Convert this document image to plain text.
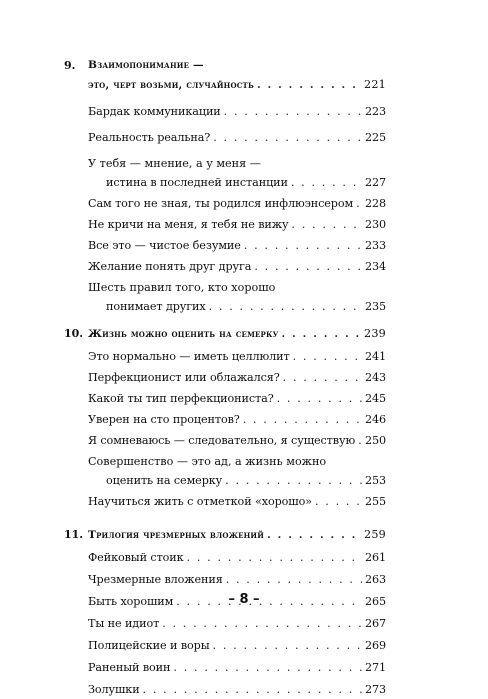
9.	Взаимопонимание —
это, черт возьми, случайность . . .	221
Бардак коммуникации . . .	223
Реальность реальна? . . .	225
У тебя — мнение, а у меня —
истина в последней инстанции . . .	227
Сам того не зная, ты родился инфлюэнсером . . . 228
Не кричи на меня, я тебя не вижу . . .	230
Все это — чистое безумие . . .	233
Желание понять друг друга . . .	234
Шесть правил того, кто хорошо
понимает других . . .	235
10. Жизнь можно оценить на семерку . . .	239
Это нормально — иметь целлюлит . . .	241
Перфекционист или облажался? . . .	243
Какой ты тип перфекциониста? . . .	245
Уверен на сто процентов? . . .	246
Я сомневаюсь — следовательно, я существую . . . 250
Совершенство — это ад, а жизнь можно
оценить на семерку . . .	253
Научиться жить с отметкой «хорошо» . . .	255
11. Трилогия чрезмерных вложений . . .	259
Фейковый стоик . . .	261
Чрезмерные вложения . . .	263
Быть хорошим . . .	265
Ты не идиот . . .	267
Полицейские и воры . . .	269
Раненый воин . . .	271
Золушки . . .	273
– 8 –
